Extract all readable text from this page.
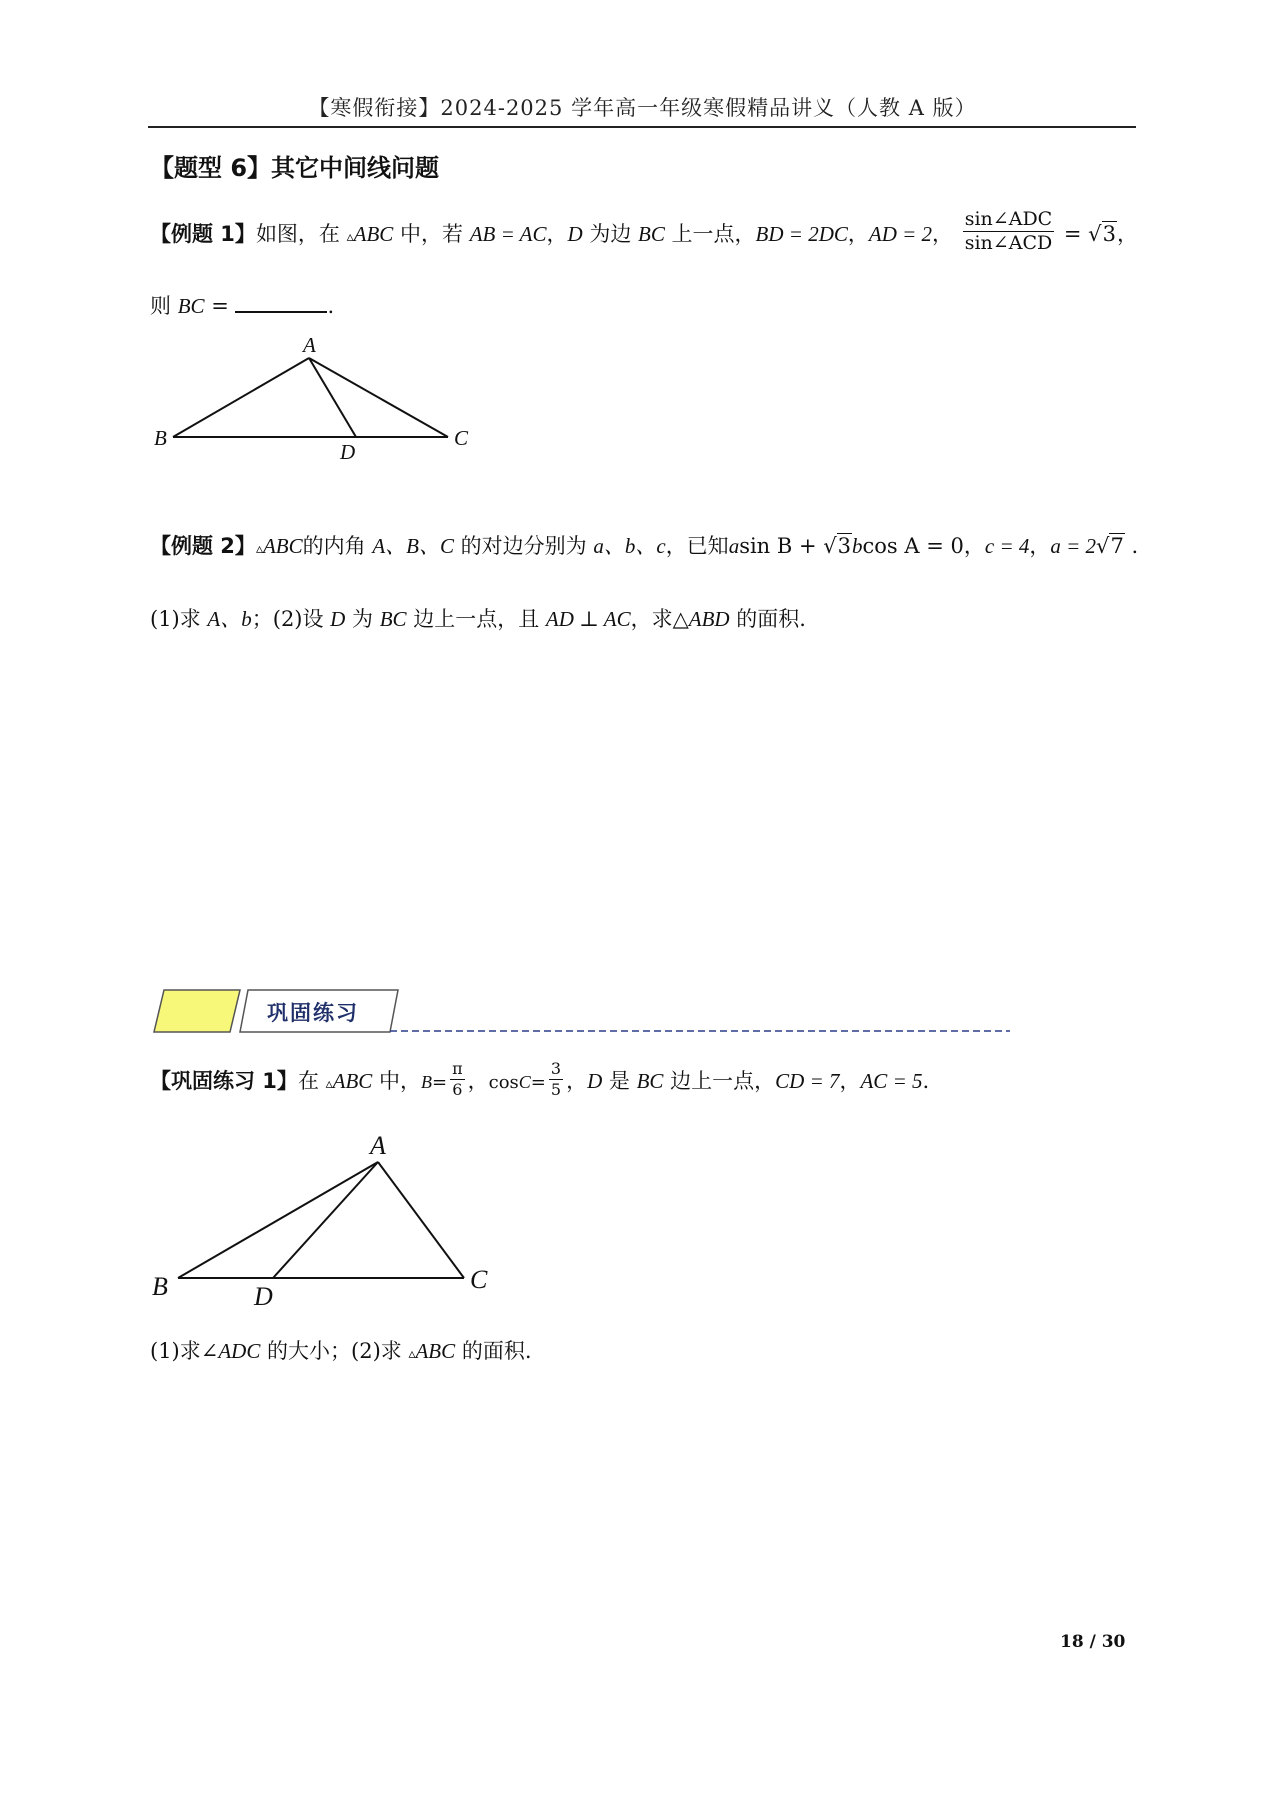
【寒假衔接】2024-2025 学年高一年级寒假精品讲义（人教 A 版）
【题型 6】其它中间线问题
【例题 1】如图，在 ▵ABC 中，若 AB = AC，D 为边 BC 上一点，BD = 2DC，AD = 2， $\frac{\text{sin∠ADC}}{\text{sin∠ACD}} = √3$，
则 BC =	.
A
B	C
D
【例题 2】▵ABC的内角 A、B、C 的对边分别为 a、b、c，已知asin B + √3bcos A = 0，c = 4，a = 2√7 .
(1)求 A、b；(2)设 D 为 BC 边上一点，且 AD ⊥ AC，求△ABD 的面积.
巩固练习
【巩固练习 1】在 ▵ABC 中，$B= \frac{\pi}{6}$ ，$\cos C= \frac{3}{5}$ ，D 是 BC 边上一点，CD = 7，AC = 5.
A
B	C
D
(1)求∠ADC 的大小；(2)求 ▵ABC 的面积.
18 / 30
